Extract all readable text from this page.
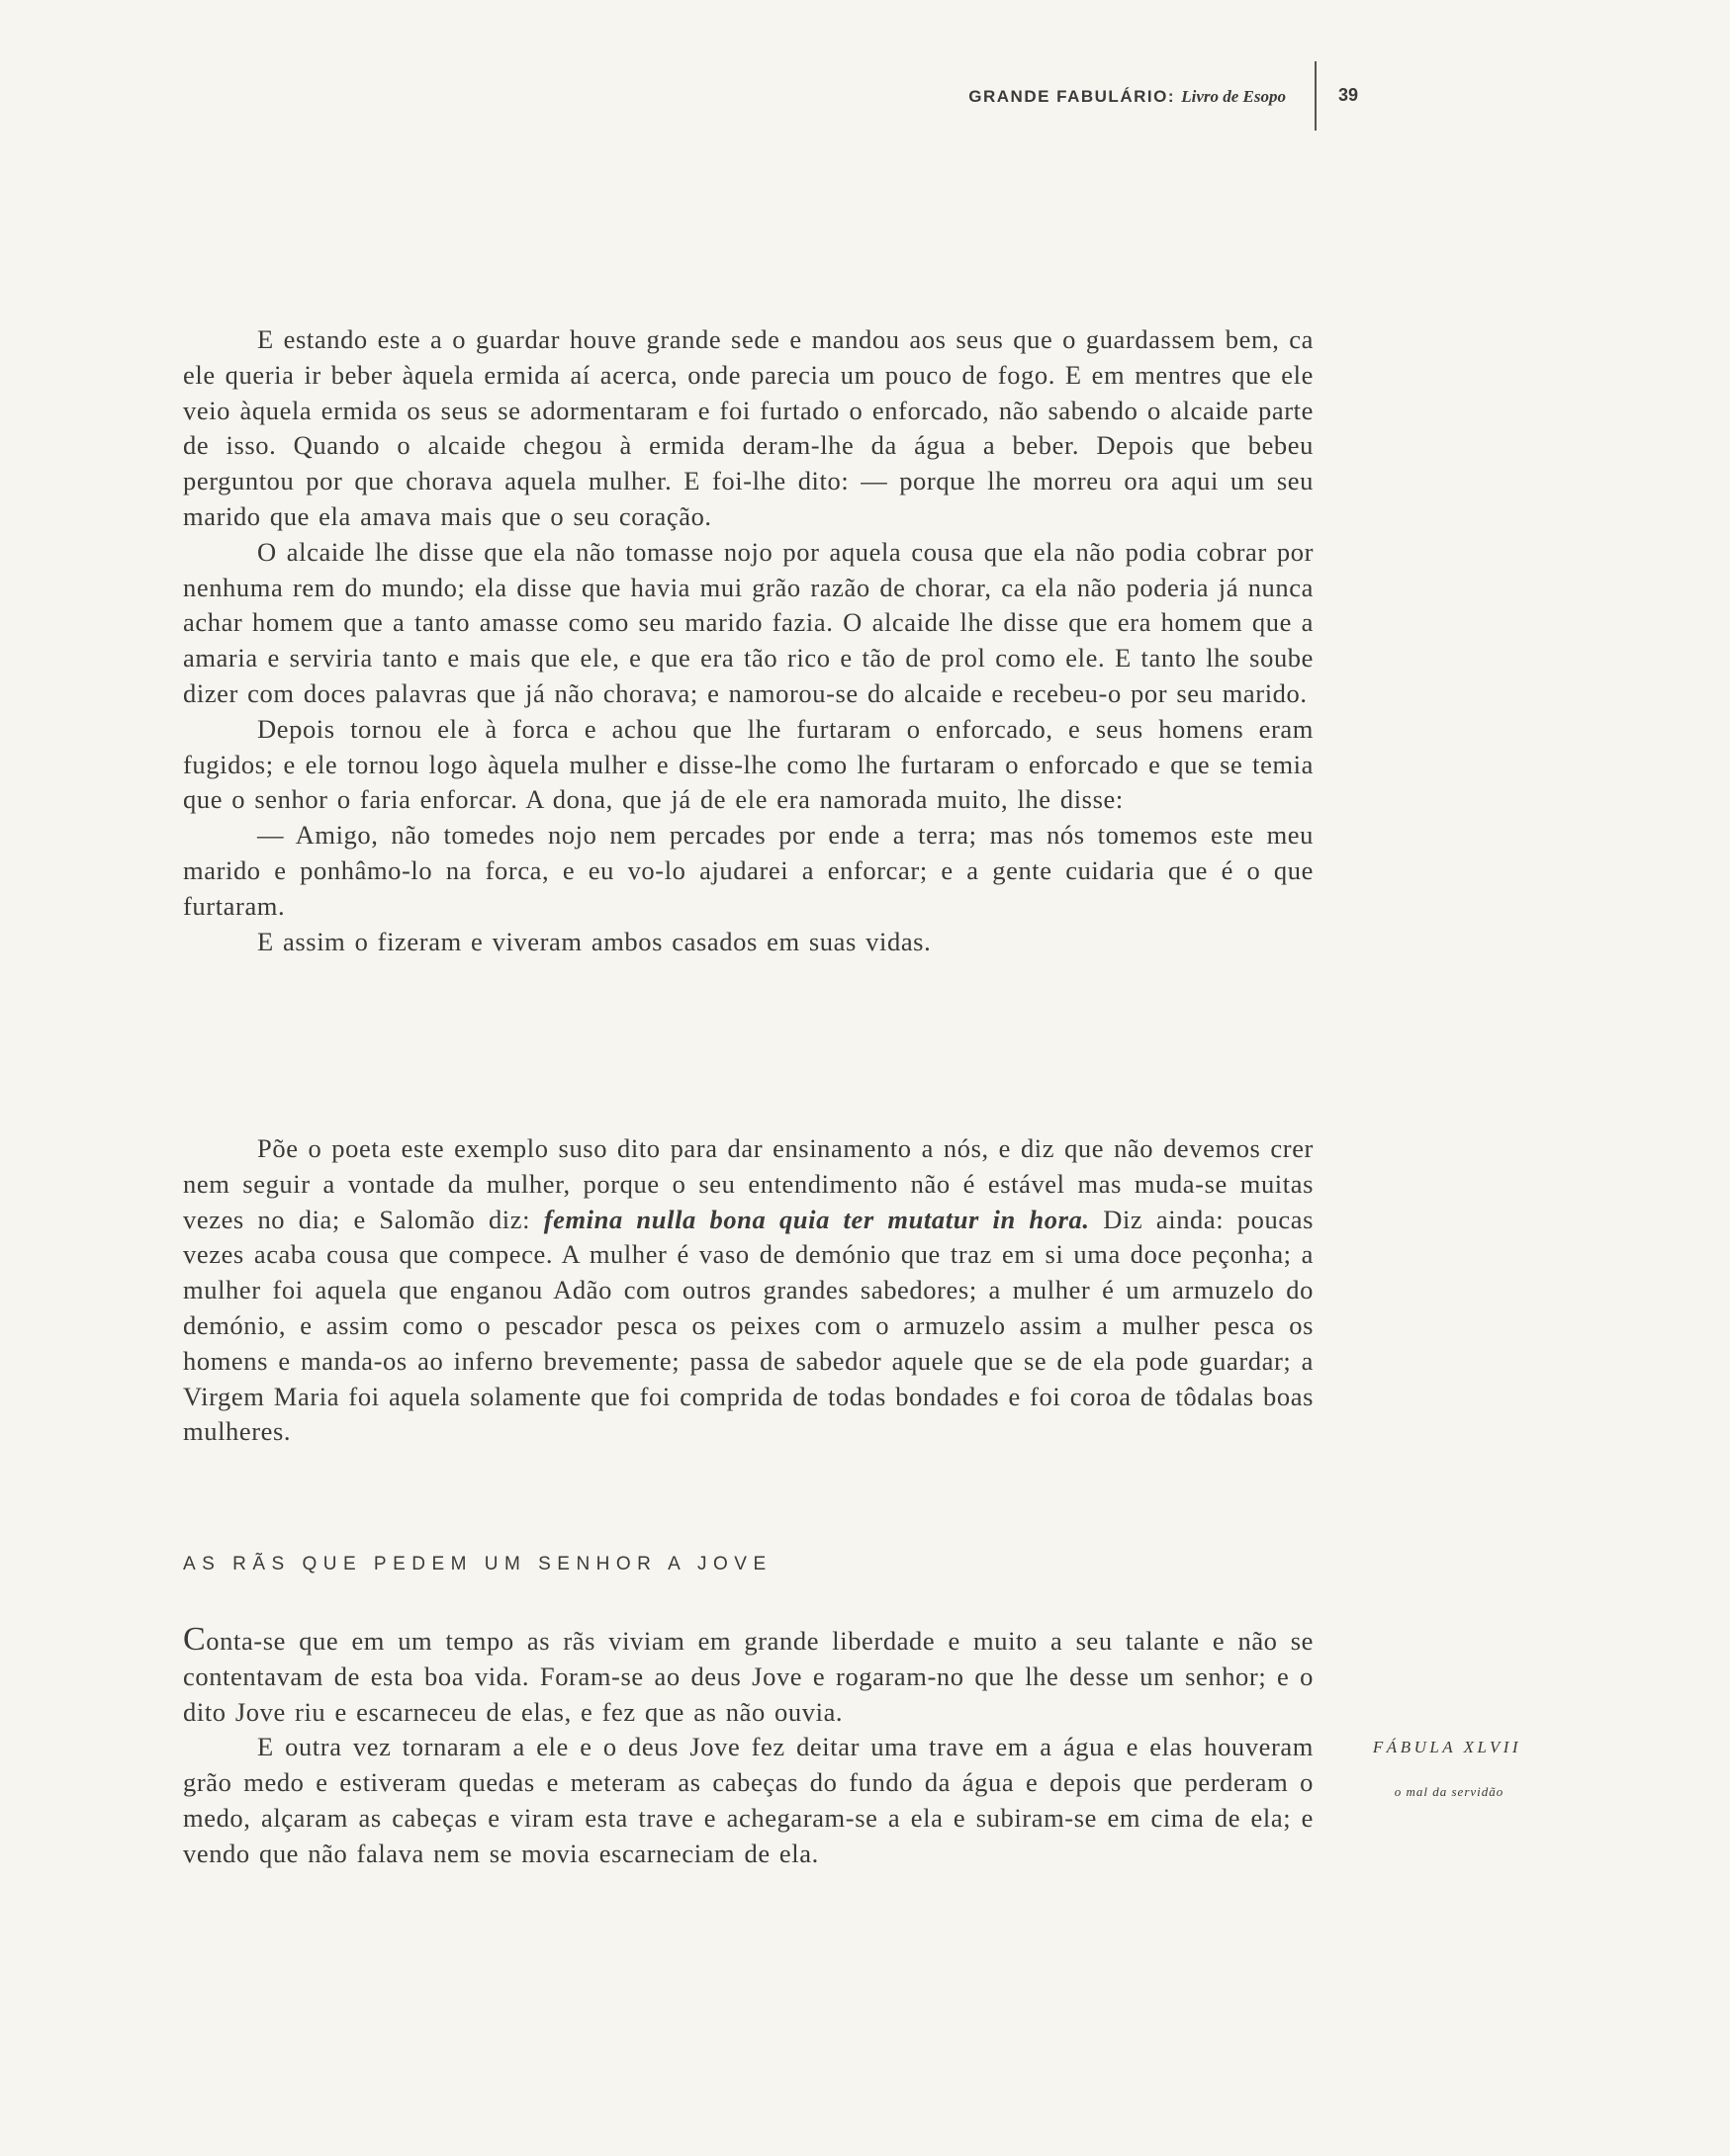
GRANDE FABULÁRIO: Livro de Esopo	39

E estando este a o guardar houve grande sede e mandou aos seus que o guardassem bem, ca ele queria ir beber àquela ermida aí acerca, onde parecia um pouco de fogo. E em mentres que ele veio àquela ermida os seus se adormentaram e foi furtado o enforcado, não sabendo o alcaide parte de isso. Quando o alcaide chegou à ermida deram-lhe da água a beber. Depois que bebeu perguntou por que chorava aquela mulher. E foi-lhe dito: — porque lhe morreu ora aqui um seu marido que ela amava mais que o seu coração.

O alcaide lhe disse que ela não tomasse nojo por aquela cousa que ela não podia cobrar por nenhuma rem do mundo; ela disse que havia mui grão razão de chorar, ca ela não poderia já nunca achar homem que a tanto amasse como seu marido fazia. O alcaide lhe disse que era homem que a amaria e serviria tanto e mais que ele, e que era tão rico e tão de prol como ele. E tanto lhe soube dizer com doces palavras que já não chorava; e namorou-se do alcaide e recebeu-o por seu marido.

Depois tornou ele à forca e achou que lhe furtaram o enforcado, e seus homens eram fugidos; e ele tornou logo àquela mulher e disse-lhe como lhe furtaram o enforcado e que se temia que o senhor o faria enforcar. A dona, que já de ele era namorada muito, lhe disse:

— Amigo, não tomedes nojo nem percades por ende a terra; mas nós tomemos este meu marido e ponhâmo-lo na forca, e eu vo-lo ajudarei a enforcar; e a gente cuidaria que é o que furtaram.

E assim o fizeram e viveram ambos casados em suas vidas.

Põe o poeta este exemplo suso dito para dar ensinamento a nós, e diz que não devemos crer nem seguir a vontade da mulher, porque o seu entendimento não é estável mas muda-se muitas vezes no dia; e Salomão diz: femina nulla bona quia ter mutatur in hora. Diz ainda: poucas vezes acaba cousa que compece. A mulher é vaso de demónio que traz em si uma doce peçonha; a mulher foi aquela que enganou Adão com outros grandes sabedores; a mulher é um armuzelo do demónio, e assim como o pescador pesca os peixes com o armuzelo assim a mulher pesca os homens e manda-os ao inferno brevemente; passa de sabedor aquele que se de ela pode guardar; a Virgem Maria foi aquela solamente que foi comprida de todas bondades e foi coroa de tôdalas boas mulheres.

AS RÃS QUE PEDEM UM SENHOR A JOVE

Conta-se que em um tempo as rãs viviam em grande liberdade e muito a seu talante e não se contentavam de esta boa vida. Foram-se ao deus Jove e rogaram-no que lhe desse um senhor; e o dito Jove riu e escarneceu de elas, e fez que as não ouvia.

E outra vez tornaram a ele e o deus Jove fez deitar uma trave em a água e elas houveram grão medo e estiveram quedas e meteram as cabeças do fundo da água e depois que perderam o medo, alçaram as cabeças e viram esta trave e achegaram-se a ela e subiram-se em cima de ela; e vendo que não falava nem se movia escarneciam de ela.

FÁBULA XLVII
o mal da servidão
